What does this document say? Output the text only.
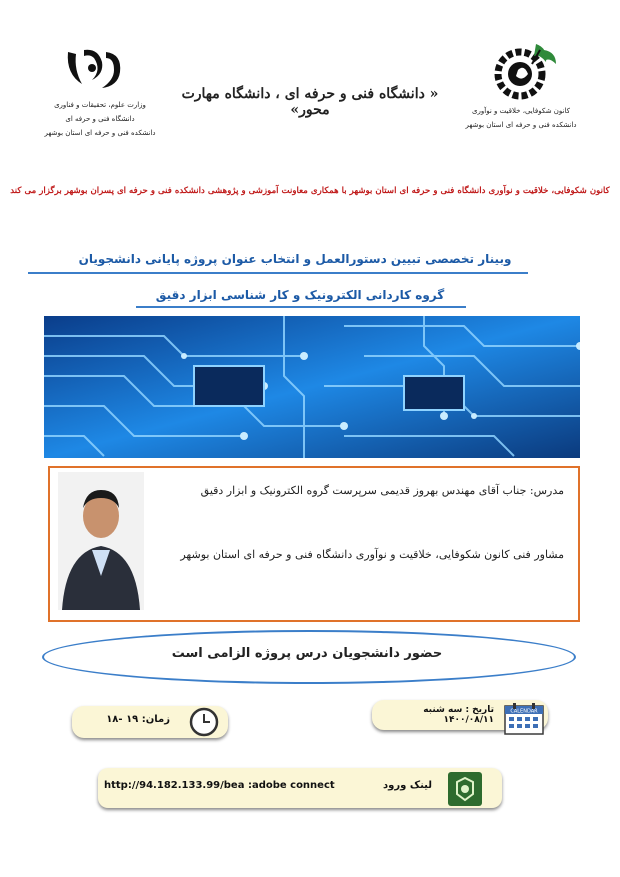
وزارت علوم، تحقیقات و فناوری
دانشگاه فنی و حرفه ای
دانشکده فنی و حرفه ای استان بوشهر
« دانشگاه فنی و حرفه ای ، دانشگاه مهارت محور»	کانون شکوفایی، خلاقیت و نوآوری
دانشکده فنی و حرفه ای استان بوشهر
کانون شکوفایی، خلاقیت و نوآوری دانشگاه فنی و حرفه ای استان بوشهر با همکاری معاونت آموزشی و پژوهشی دانشکده فنی و حرفه ای پسران بوشهر برگزار می کند
وبینار تخصصی تبیین دستورالعمل و انتخاب عنوان پروژه پایانی دانشجویان
گروه کاردانی الکترونیک و کار شناسی ابزار دقیق
مدرس: جناب آقای مهندس بهروز قدیمی سرپرست گروه الکترونیک و ابزار دقیق
مشاور فنی کانون شکوفایی، خلاقیت و نوآوری دانشگاه فنی و حرفه ای استان بوشهر
حضور دانشجویان درس پروژه الزامی است
تاریخ : سه شنبه ۱۴۰۰/۰۸/۱۱
CALENDAR
زمان: ۱۹ -۱۸
http://94.182.133.99/bea :adobe connect	لینک ورود
